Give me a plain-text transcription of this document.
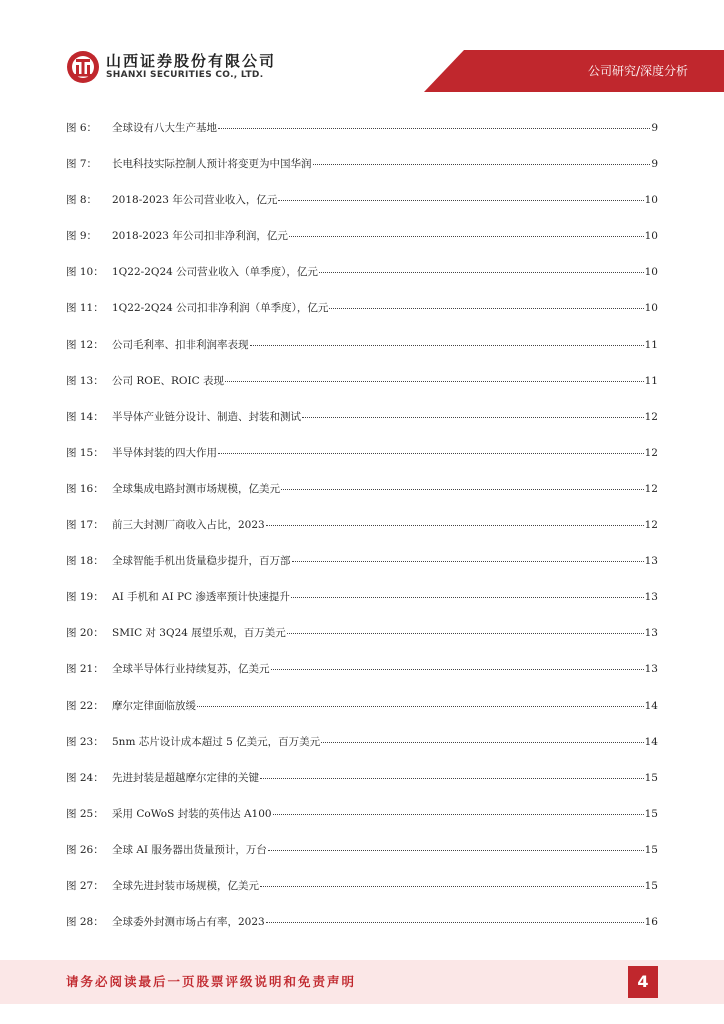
山西证券股份有限公司
SHANXI SECURITIES CO., LTD.	公司研究/深度分析
图 6：	全球设有八大生产基地	9
图 7：	长电科技实际控制人预计将变更为中国华润	9
图 8：	2018-2023 年公司营业收入，亿元	10
图 9：	2018-2023 年公司扣非净利润，亿元	10
图 10： 1Q22-2Q24 公司营业收入（单季度），亿元	10
图 11： 1Q22-2Q24 公司扣非净利润（单季度），亿元	10
图 12： 公司毛利率、扣非利润率表现	11
图 13： 公司 ROE、ROIC 表现	11
图 14： 半导体产业链分设计、制造、封装和测试	12
图 15： 半导体封装的四大作用	12
图 16： 全球集成电路封测市场规模，亿美元	12
图 17： 前三大封测厂商收入占比，2023	12
图 18： 全球智能手机出货量稳步提升，百万部	13
图 19： AI 手机和 AI PC 渗透率预计快速提升	13
图 20： SMIC 对 3Q24 展望乐观，百万美元	13
图 21： 全球半导体行业持续复苏，亿美元	13
图 22： 摩尔定律面临放缓	14
图 23： 5nm 芯片设计成本超过 5 亿美元，百万美元	14
图 24： 先进封装是超越摩尔定律的关键	15
图 25： 采用 CoWoS 封装的英伟达 A100	15
图 26： 全球 AI 服务器出货量预计，万台	15
图 27： 全球先进封装市场规模，亿美元	15
图 28： 全球委外封测市场占有率，2023	16
请务必阅读最后一页股票评级说明和免责声明	4
